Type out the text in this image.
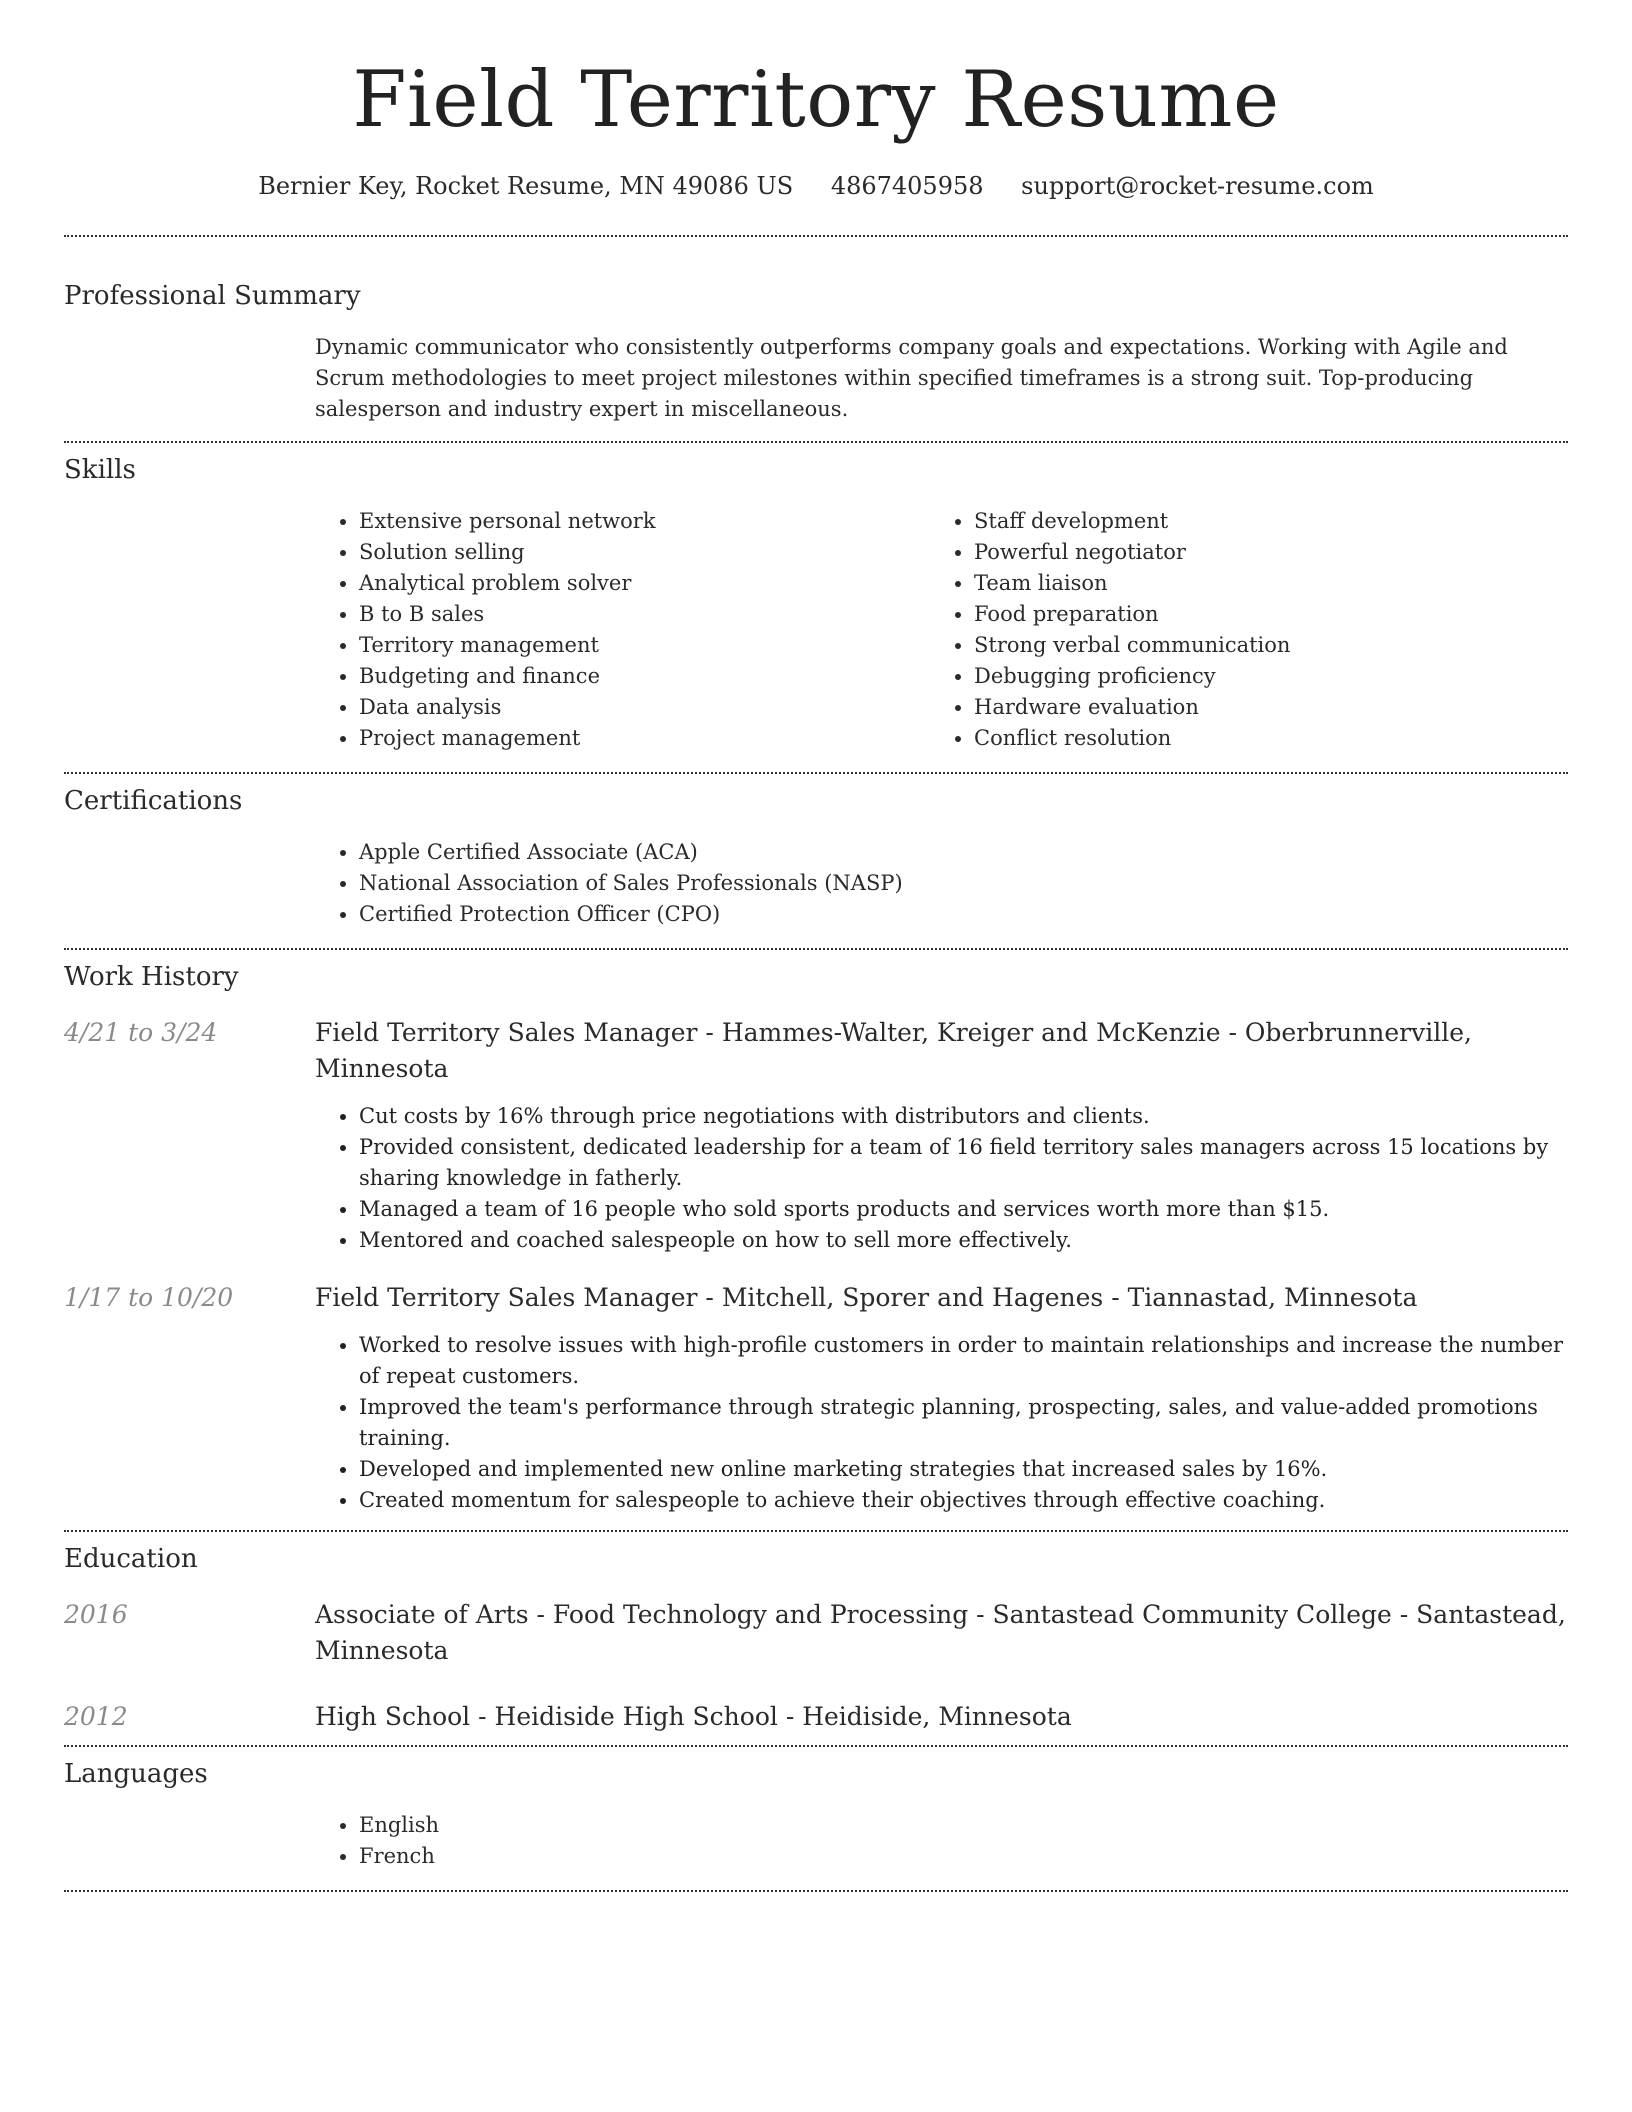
Field Territory Resume
Bernier Key, Rocket Resume, MN 49086 US 4867405958 support@rocket-resume.com
Professional Summary
Dynamic communicator who consistently outperforms company goals and expectations. Working with Agile and Scrum methodologies to meet project milestones within specified timeframes is a strong suit. Top-producing salesperson and industry expert in miscellaneous.
Skills
• Extensive personal network
• Solution selling
• Analytical problem solver
• B to B sales
• Territory management
• Budgeting and finance
• Data analysis
• Project management
• Staff development
• Powerful negotiator
• Team liaison
• Food preparation
• Strong verbal communication
• Debugging proficiency
• Hardware evaluation
• Conflict resolution
Certifications
• Apple Certified Associate (ACA)
• National Association of Sales Professionals (NASP)
• Certified Protection Officer (CPO)
Work History
4/21 to 3/24	Field Territory Sales Manager - Hammes-Walter, Kreiger and McKenzie - Oberbrunnerville, Minnesota
• Cut costs by 16% through price negotiations with distributors and clients.
• Provided consistent, dedicated leadership for a team of 16 field territory sales managers across 15 locations by sharing knowledge in fatherly.
• Managed a team of 16 people who sold sports products and services worth more than $15.
• Mentored and coached salespeople on how to sell more effectively.
1/17 to 10/20	Field Territory Sales Manager - Mitchell, Sporer and Hagenes - Tiannastad, Minnesota
• Worked to resolve issues with high-profile customers in order to maintain relationships and increase the number of repeat customers.
• Improved the team's performance through strategic planning, prospecting, sales, and value-added promotions training.
• Developed and implemented new online marketing strategies that increased sales by 16%.
• Created momentum for salespeople to achieve their objectives through effective coaching.
Education
2016	Associate of Arts - Food Technology and Processing - Santastead Community College - Santastead, Minnesota
2012	High School - Heidiside High School - Heidiside, Minnesota
Languages
• English
• French
